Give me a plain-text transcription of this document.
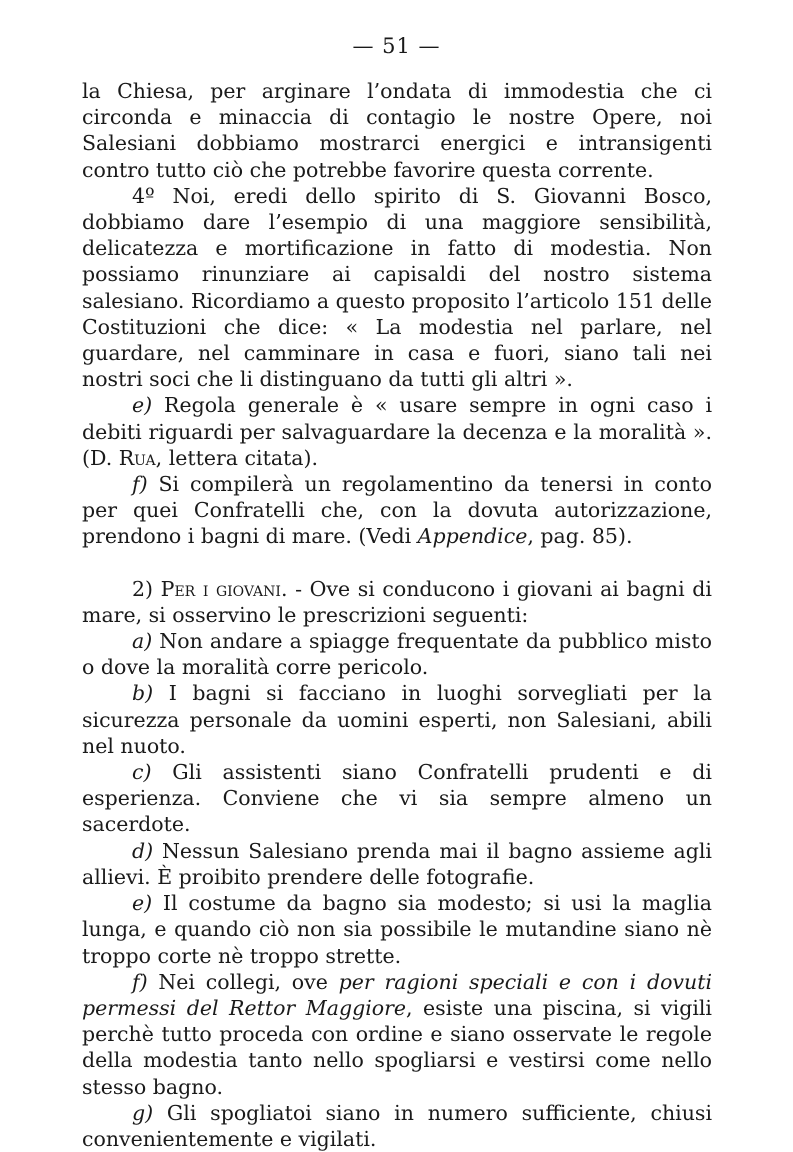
— 51 —

la Chiesa, per arginare l’ondata di immodestia che ci circonda e minaccia di contagio le nostre Opere, noi Salesiani dobbiamo mostrarci energici e intransigenti contro tutto ciò che potrebbe favorire questa corrente.

4º Noi, eredi dello spirito di S. Giovanni Bosco, dobbiamo dare l’esempio di una maggiore sensibilità, delicatezza e mortificazione in fatto di modestia. Non possiamo rinunziare ai capisaldi del nostro sistema salesiano. Ricordiamo a questo proposito l’articolo 151 delle Costituzioni che dice: « La modestia nel parlare, nel guardare, nel camminare in casa e fuori, siano tali nei nostri soci che li distinguano da tutti gli altri ».

e) Regola generale è « usare sempre in ogni caso i debiti riguardi per salvaguardare la decenza e la moralità ». (D. Rua, lettera citata).

f) Si compilerà un regolamentino da tenersi in conto per quei Confratelli che, con la dovuta autorizzazione, prendono i bagni di mare. (Vedi Appendice, pag. 85).

2) Per i giovani. - Ove si conducono i giovani ai bagni di mare, si osservino le prescrizioni seguenti:

a) Non andare a spiagge frequentate da pubblico misto o dove la moralità corre pericolo.

b) I bagni si facciano in luoghi sorvegliati per la sicurezza personale da uomini esperti, non Salesiani, abili nel nuoto.

c) Gli assistenti siano Confratelli prudenti e di esperienza. Conviene che vi sia sempre almeno un sacerdote.

d) Nessun Salesiano prenda mai il bagno assieme agli allievi. È proibito prendere delle fotografie.

e) Il costume da bagno sia modesto; si usi la maglia lunga, e quando ciò non sia possibile le mutandine siano nè troppo corte nè troppo strette.

f) Nei collegi, ove per ragioni speciali e con i dovuti permessi del Rettor Maggiore, esiste una piscina, si vigili perchè tutto proceda con ordine e siano osservate le regole della modestia tanto nello spogliarsi e vestirsi come nello stesso bagno.

g) Gli spogliatoi siano in numero sufficiente, chiusi convenientemente e vigilati.
